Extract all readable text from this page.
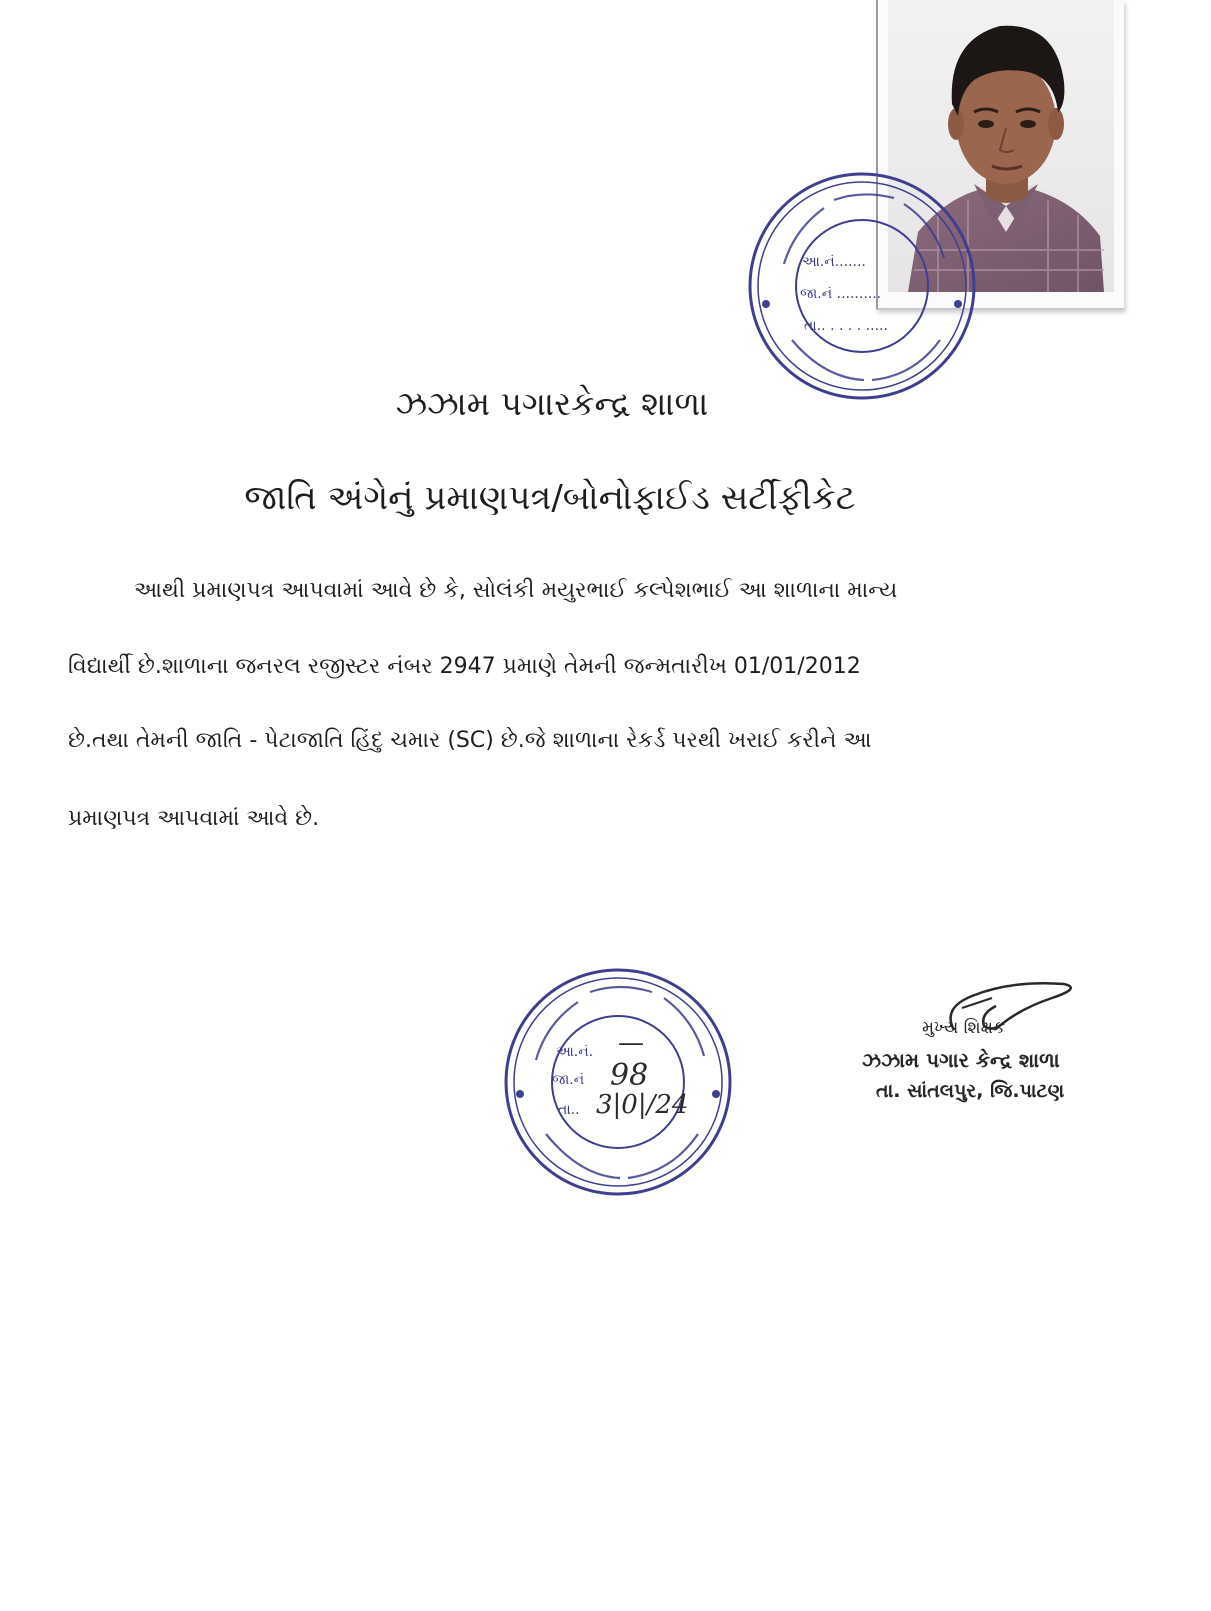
આ.નં.......
જા.નં ..........
તા.. . . . . .....
ઝઝામ પગારકેન્દ્ર શાળા
જાતિ અંગેનું પ્રમાણપત્ર/બોનોફાઈડ સર્ટીફીકેટ
આથી પ્રમાણપત્ર આપવામાં આવે છે કે, સોલંકી મયુરભાઈ કલ્પેશભાઈ આ શાળાના માન્ય
વિદ્યાર્થી છે.શાળાના જનરલ રજીસ્ટર નંબર 2947 પ્રમાણે તેમની જન્મતારીખ 01/01/2012
છે.તથા તેમની જાતિ - પેટાજાતિ હિંદુ ચમાર (SC) છે.જે શાળાના રેકર્ડ પરથી ખરાઈ કરીને આ
પ્રમાણપત્ર આપવામાં આવે છે.
આ.નં.
જા.નં
તા..
—
98
3|0|/24
મુખ્ય શિક્ષક
ઝઝામ પગાર કેન્દ્ર શાળા
તા. સાંતલપુર, જિ.પાટણ
